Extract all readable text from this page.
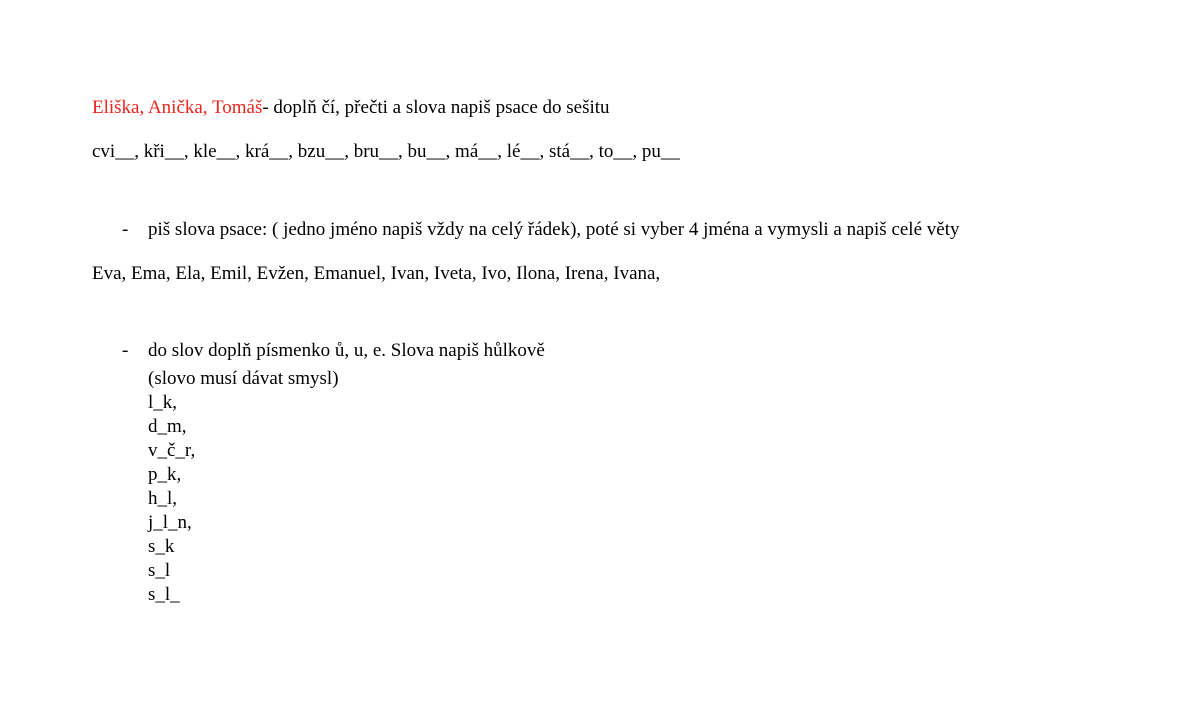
Eliška, Anička, Tomáš- doplň čí, přečti a slova napiš psace do sešitu
cvi__, kři__, kle__, krá__, bzu__, bru__, bu__, má__, lé__, stá__, to__, pu__

-

piš slova psace: ( jedno jméno napiš vždy na celý řádek), poté si vyber 4 jména a vymysli a napiš celé věty

Eva, Ema, Ela, Emil, Evžen, Emanuel, Ivan, Iveta, Ivo, Ilona, Irena, Ivana,

-

do slov doplň písmenko ů, u, e. Slova napiš hůlkově

(slovo musí dávat smysl)
l_k,
d_m,
v_č_r,
p_k,
h_l,
j_l_n,
s_k
s_l
s_l_
